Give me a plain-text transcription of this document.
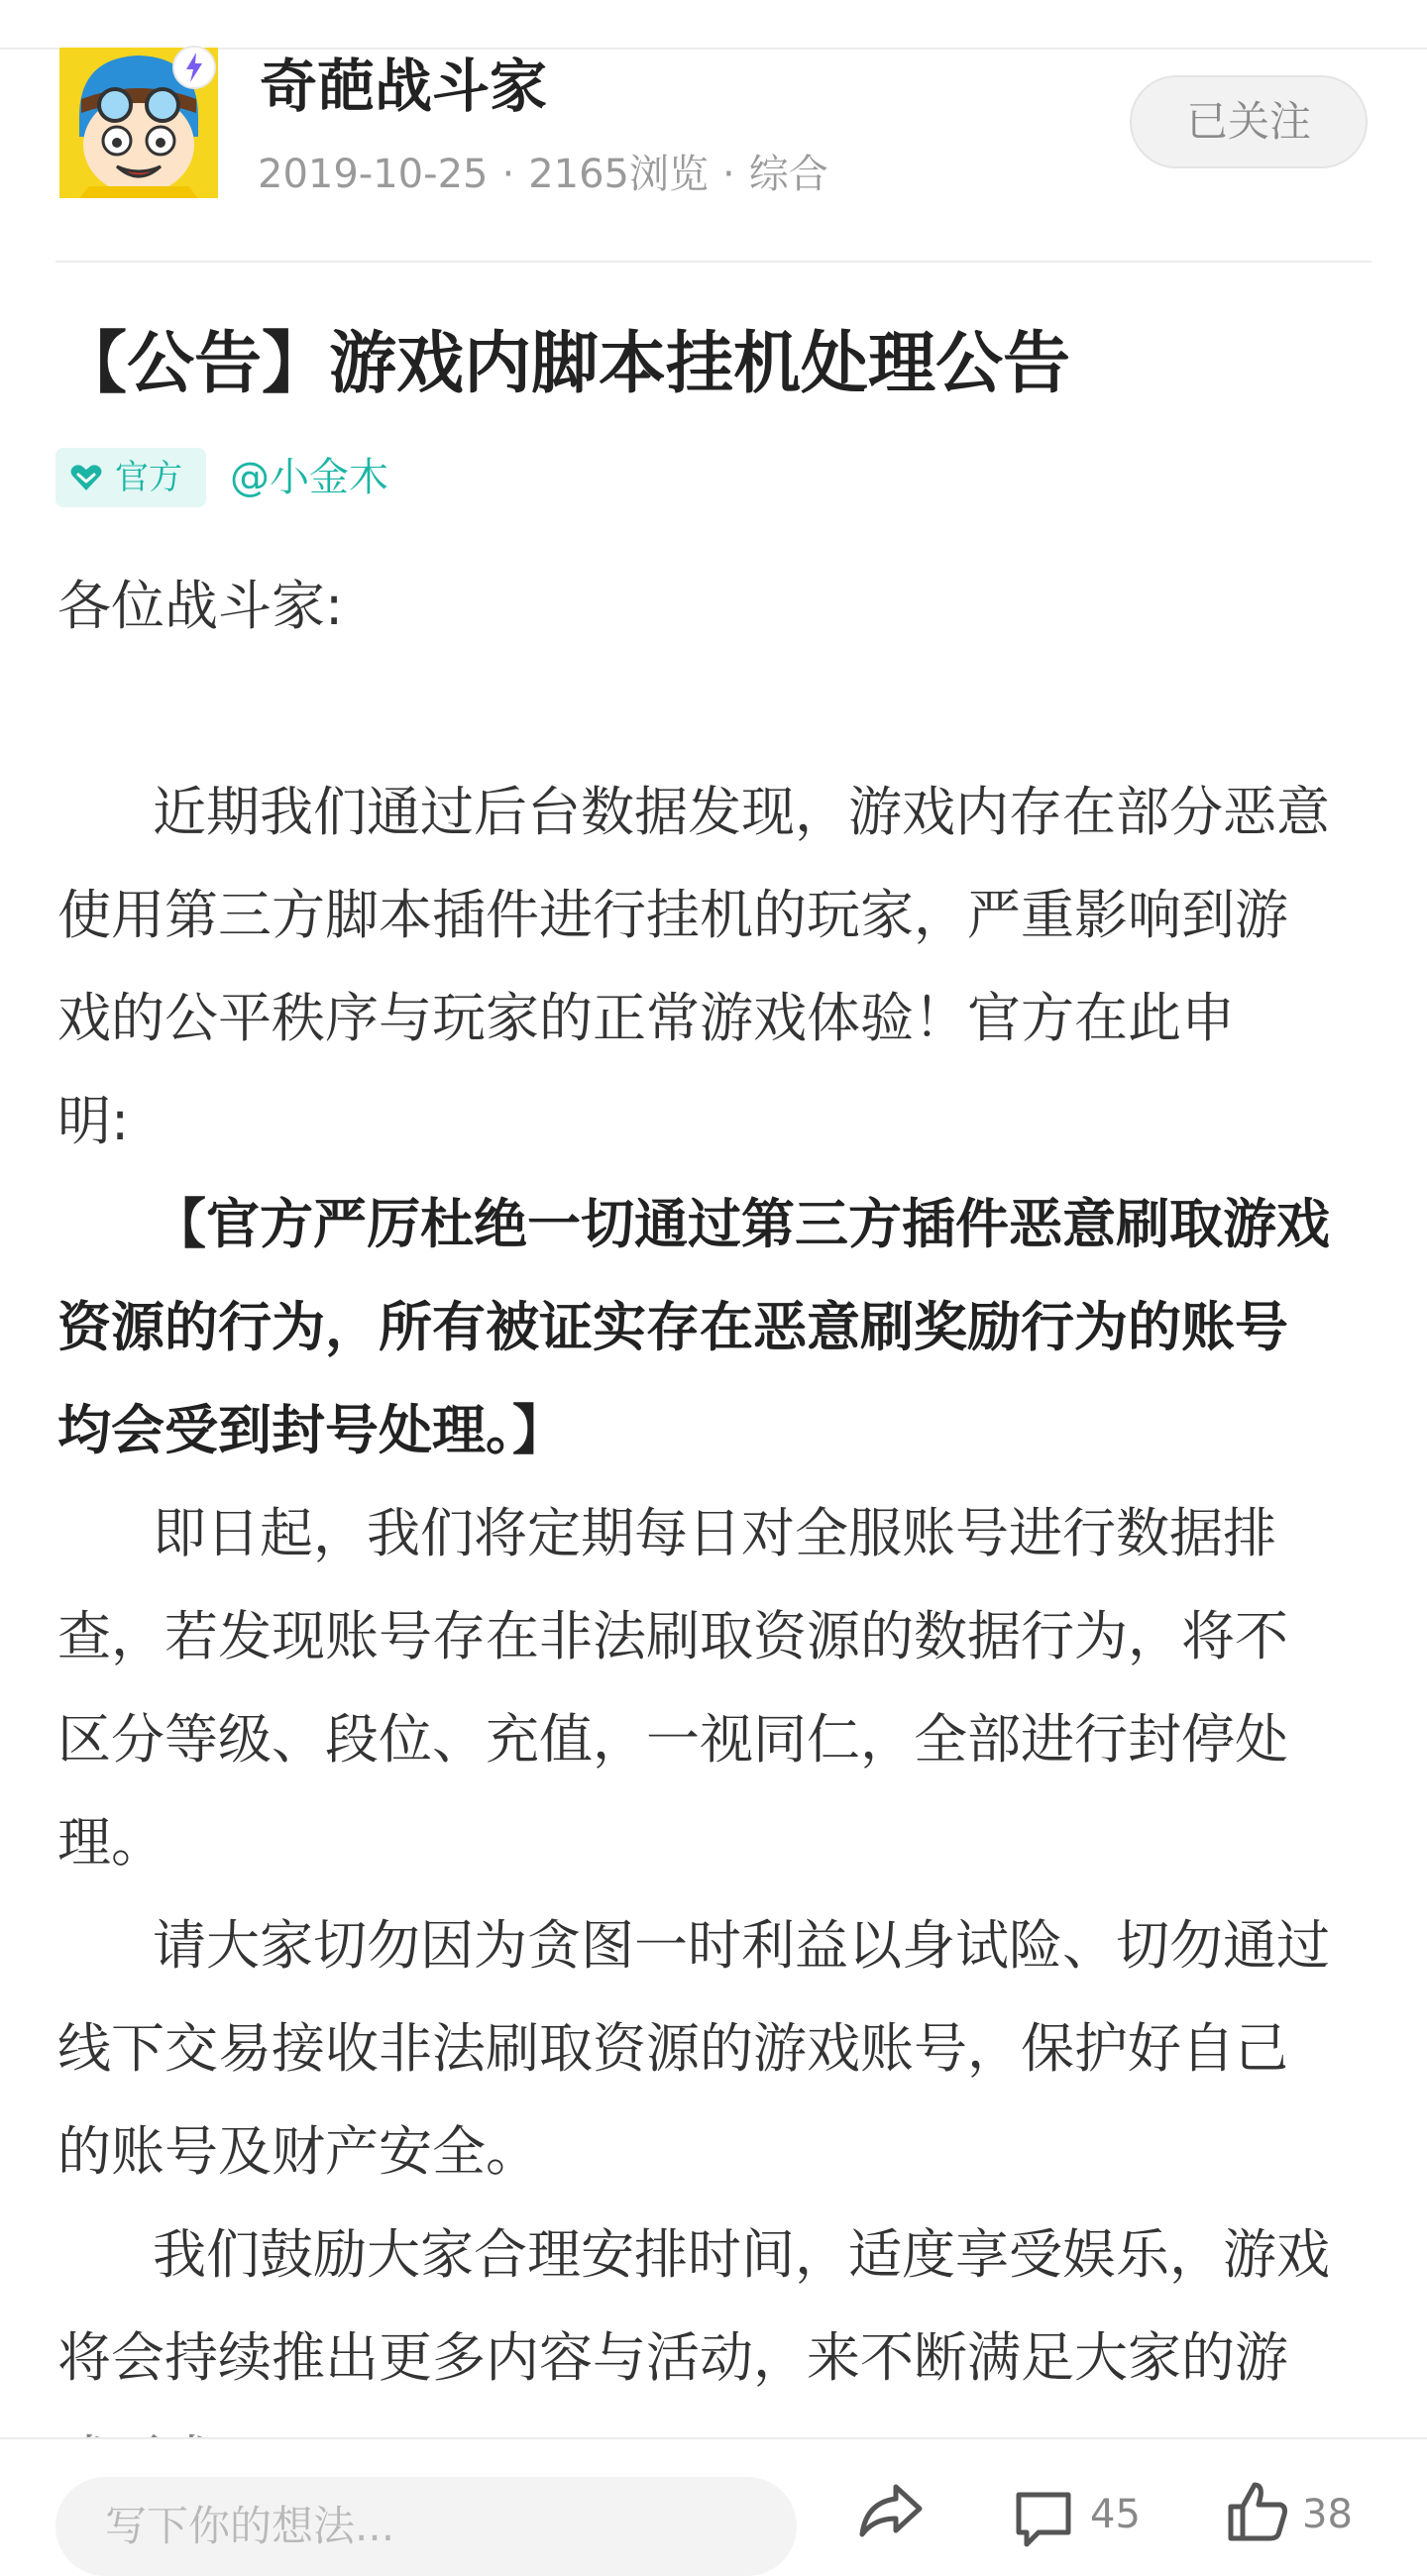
奇葩战斗家
2019-10-25 · 2165浏览 · 综合
已关注
【公告】游戏内脚本挂机处理公告
官方 @小金木

各位战斗家:

近期我们通过后台数据发现，游戏内存在部分恶意

使用第三方脚本插件进行挂机的玩家，严重影响到游

戏的公平秩序与玩家的正常游戏体验！官方在此申

明:

【官方严厉杜绝一切通过第三方插件恶意刷取游戏

资源的行为，所有被证实存在恶意刷奖励行为的账号

均会受到封号处理。】

即日起，我们将定期每日对全服账号进行数据排

查，若发现账号存在非法刷取资源的数据行为，将不

区分等级、段位、充值，一视同仁，全部进行封停处

理。

请大家切勿因为贪图一时利益以身试险、切勿通过

线下交易接收非法刷取资源的游戏账号，保护好自己

的账号及财产安全。

我们鼓励大家合理安排时间，适度享受娱乐，游戏

将会持续推出更多内容与活动，来不断满足大家的游

写下你的想法...	45	38
